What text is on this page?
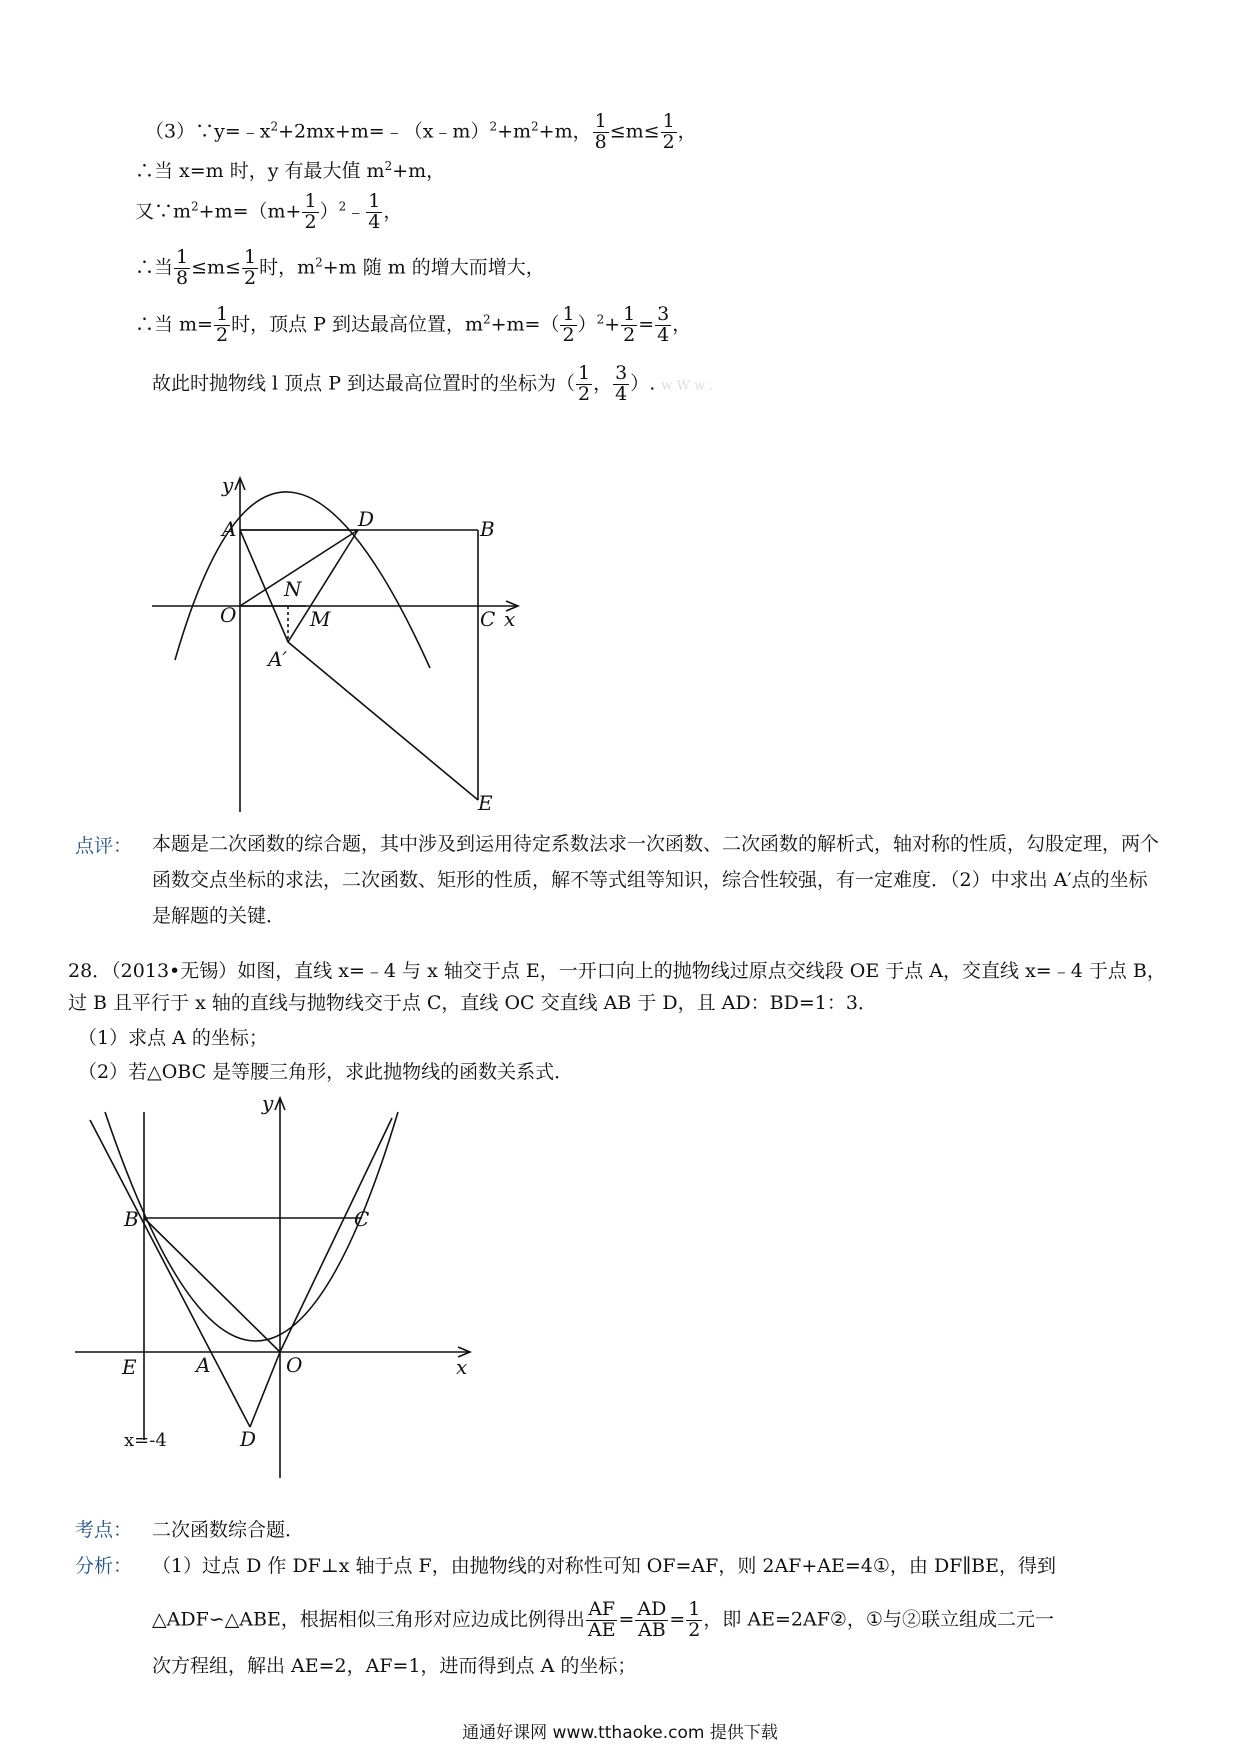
$(3)\because y=﹣x^2+2mx+m=﹣(x﹣m)^2+m^2+m$， $\frac{1}{8} \le m\le \frac{1}{2}$ ，
∴当 x=m 时，y 有最大值 $m^2+m$，
又$\because m^2+m=(m+ \frac{1}{2}$ ）$^2$﹣ $\frac{1}{4}$ ，
∴当 $\frac{1}{8} \le m\le \frac{1}{2}$ 时，$m^2+m$ 随 m 的增大而增大，
∴当 $m= \frac{1}{2}$ 时，顶点 P 到达最高位置，$m^2+m=( \frac{1}{2} )^2+ \frac{1}{2} = \frac{3}{4}$ ，
故此时抛物线 l 顶点 P 到达最高位置时的坐标为（ $\frac{1}{2}$ ， $\frac{3}{4}$ ）. w W w .
y
A	D	B
N
O	M	C x
A′
E
点评： 本题是二次函数的综合题，其中涉及到运用待定系数法求一次函数、二次函数的解析式，轴对称的性质，勾股定理，两个函数交点坐标的求法，二次函数、矩形的性质，解不等式组等知识，综合性较强，有一定难度．（2）中求出 A′点的坐标是解题的关键．
28．（2013•无锡）如图，直线 x=﹣4 与 x 轴交于点 E，一开口向上的抛物线过原点交线段 OE 于点 A，交直线 x=﹣4 于点 B，过 B 且平行于 x 轴的直线与抛物线交于点 C，直线 OC 交直线 AB 于 D，且 AD：BD=1：3．
（1）求点 A 的坐标；
（2）若△OBC 是等腰三角形，求此抛物线的函数关系式．
y
B	C
E	A	O	x
D
x=-4
考点： 二次函数综合题．
分析： （1）过点 D 作 DF⊥x 轴于点 F，由抛物线的对称性可知 OF=AF，则 2AF+AE=4①，由 DF∥BE，得到
△ADF∽△ABE，根据相似三角形对应边成比例得出 $\frac{AF}{AE} = \frac{AD}{AB} = \frac{1}{2}$ ，即 AE=2AF②，①与②联立组成二元一
次方程组，解出 AE=2，AF=1，进而得到点 A 的坐标；
通通好课网 www.tthaoke.com 提供下载
